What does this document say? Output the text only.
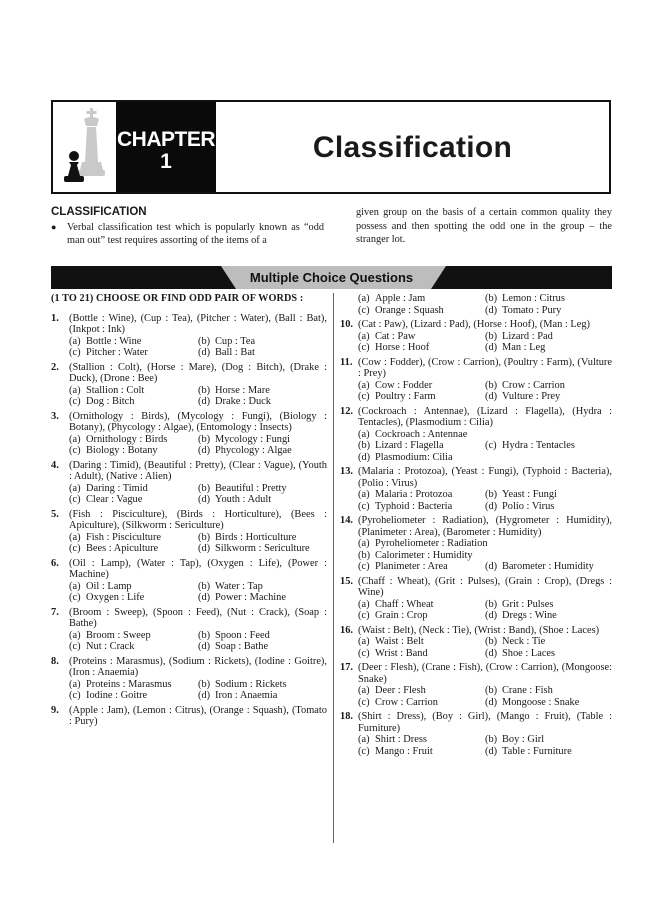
CHAPTER
1	Classification
CLASSIFICATION
●	Verbal classification test which is popularly known as “odd man out” test requires assorting of the items of a
given group on the basis of a certain common quality they possess and then spotting the odd one in the group – the stranger lot.
Multiple Choice Questions
(1 TO 21) CHOOSE OR FIND ODD PAIR OF WORDS :
1. (Bottle : Wine), (Cup : Tea), (Pitcher : Water), (Ball : Bat), (Inkpot : Ink)
(a) Bottle : Wine	(b) Cup : Tea
(c) Pitcher : Water	(d) Ball : Bat
2. (Stallion : Colt), (Horse : Mare), (Dog : Bitch), (Drake : Duck), (Drone : Bee)
(a) Stallion : Colt	(b) Horse : Mare
(c) Dog : Bitch	(d) Drake : Duck
3. (Ornithology : Birds), (Mycology : Fungi), (Biology : Botany), (Phycology : Algae), (Entomology : Insects)
(a) Ornithology : Birds	(b) Mycology : Fungi
(c) Biology : Botany	(d) Phycology : Algae
4. (Daring : Timid), (Beautiful : Pretty), (Clear : Vague), (Youth : Adult), (Native : Alien)
(a) Daring : Timid	(b) Beautiful : Pretty
(c) Clear : Vague	(d) Youth : Adult
5. (Fish : Pisciculture), (Birds : Horticulture), (Bees : Apiculture), (Silkworm : Sericulture)
(a) Fish : Pisciculture	(b) Birds : Horticulture
(c) Bees : Apiculture	(d) Silkworm : Sericulture
6. (Oil : Lamp), (Water : Tap), (Oxygen : Life), (Power : Machine)
(a) Oil : Lamp	(b) Water : Tap
(c) Oxygen : Life	(d) Power : Machine
7. (Broom : Sweep), (Spoon : Feed), (Nut : Crack), (Soap : Bathe)
(a) Broom : Sweep	(b) Spoon : Feed
(c) Nut : Crack	(d) Soap : Bathe
8. (Proteins : Marasmus), (Sodium : Rickets), (Iodine : Goitre), (Iron : Anaemia)
(a) Proteins : Marasmus	(b) Sodium : Rickets
(c) Iodine : Goitre	(d) Iron : Anaemia
9. (Apple : Jam), (Lemon : Citrus), (Orange : Squash), (Tomato : Pury)
(a) Apple : Jam	(b) Lemon : Citrus
(c) Orange : Squash	(d) Tomato : Pury
10. (Cat : Paw), (Lizard : Pad), (Horse : Hoof), (Man : Leg)
(a) Cat : Paw	(b) Lizard : Pad
(c) Horse : Hoof	(d) Man : Leg
11. (Cow : Fodder), (Crow : Carrion), (Poultry : Farm), (Vulture : Prey)
(a) Cow : Fodder	(b) Crow : Carrion
(c) Poultry : Farm	(d) Vulture : Prey
12. (Cockroach : Antennae), (Lizard : Flagella), (Hydra : Tentacles), (Plasmodium : Cilia)
(a) Cockroach : Antennae
(b) Lizard : Flagella	(c) Hydra : Tentacles
(d) Plasmodium: Cilia
13. (Malaria : Protozoa), (Yeast : Fungi), (Typhoid : Bacteria), (Polio : Virus)
(a) Malaria : Protozoa	(b) Yeast : Fungi
(c) Typhoid : Bacteria	(d) Polio : Virus
14. (Pyroheliometer : Radiation), (Hygrometer : Humidity), (Planimeter : Area), (Barometer : Humidity)
(a) Pyroheliometer : Radiation
(b) Calorimeter : Humidity
(c) Planimeter : Area	(d) Barometer : Humidity
15. (Chaff : Wheat), (Grit : Pulses), (Grain : Crop), (Dregs : Wine)
(a) Chaff : Wheat	(b) Grit : Pulses
(c) Grain : Crop	(d) Dregs : Wine
16. (Waist : Belt), (Neck : Tie), (Wrist : Band), (Shoe : Laces)
(a) Waist : Belt	(b) Neck : Tie
(c) Wrist : Band	(d) Shoe : Laces
17. (Deer : Flesh), (Crane : Fish), (Crow : Carrion), (Mongoose: Snake)
(a) Deer : Flesh	(b) Crane : Fish
(c) Crow : Carrion	(d) Mongoose : Snake
18. (Shirt : Dress), (Boy : Girl), (Mango : Fruit), (Table : Furniture)
(a) Shirt : Dress	(b) Boy : Girl
(c) Mango : Fruit	(d) Table : Furniture
